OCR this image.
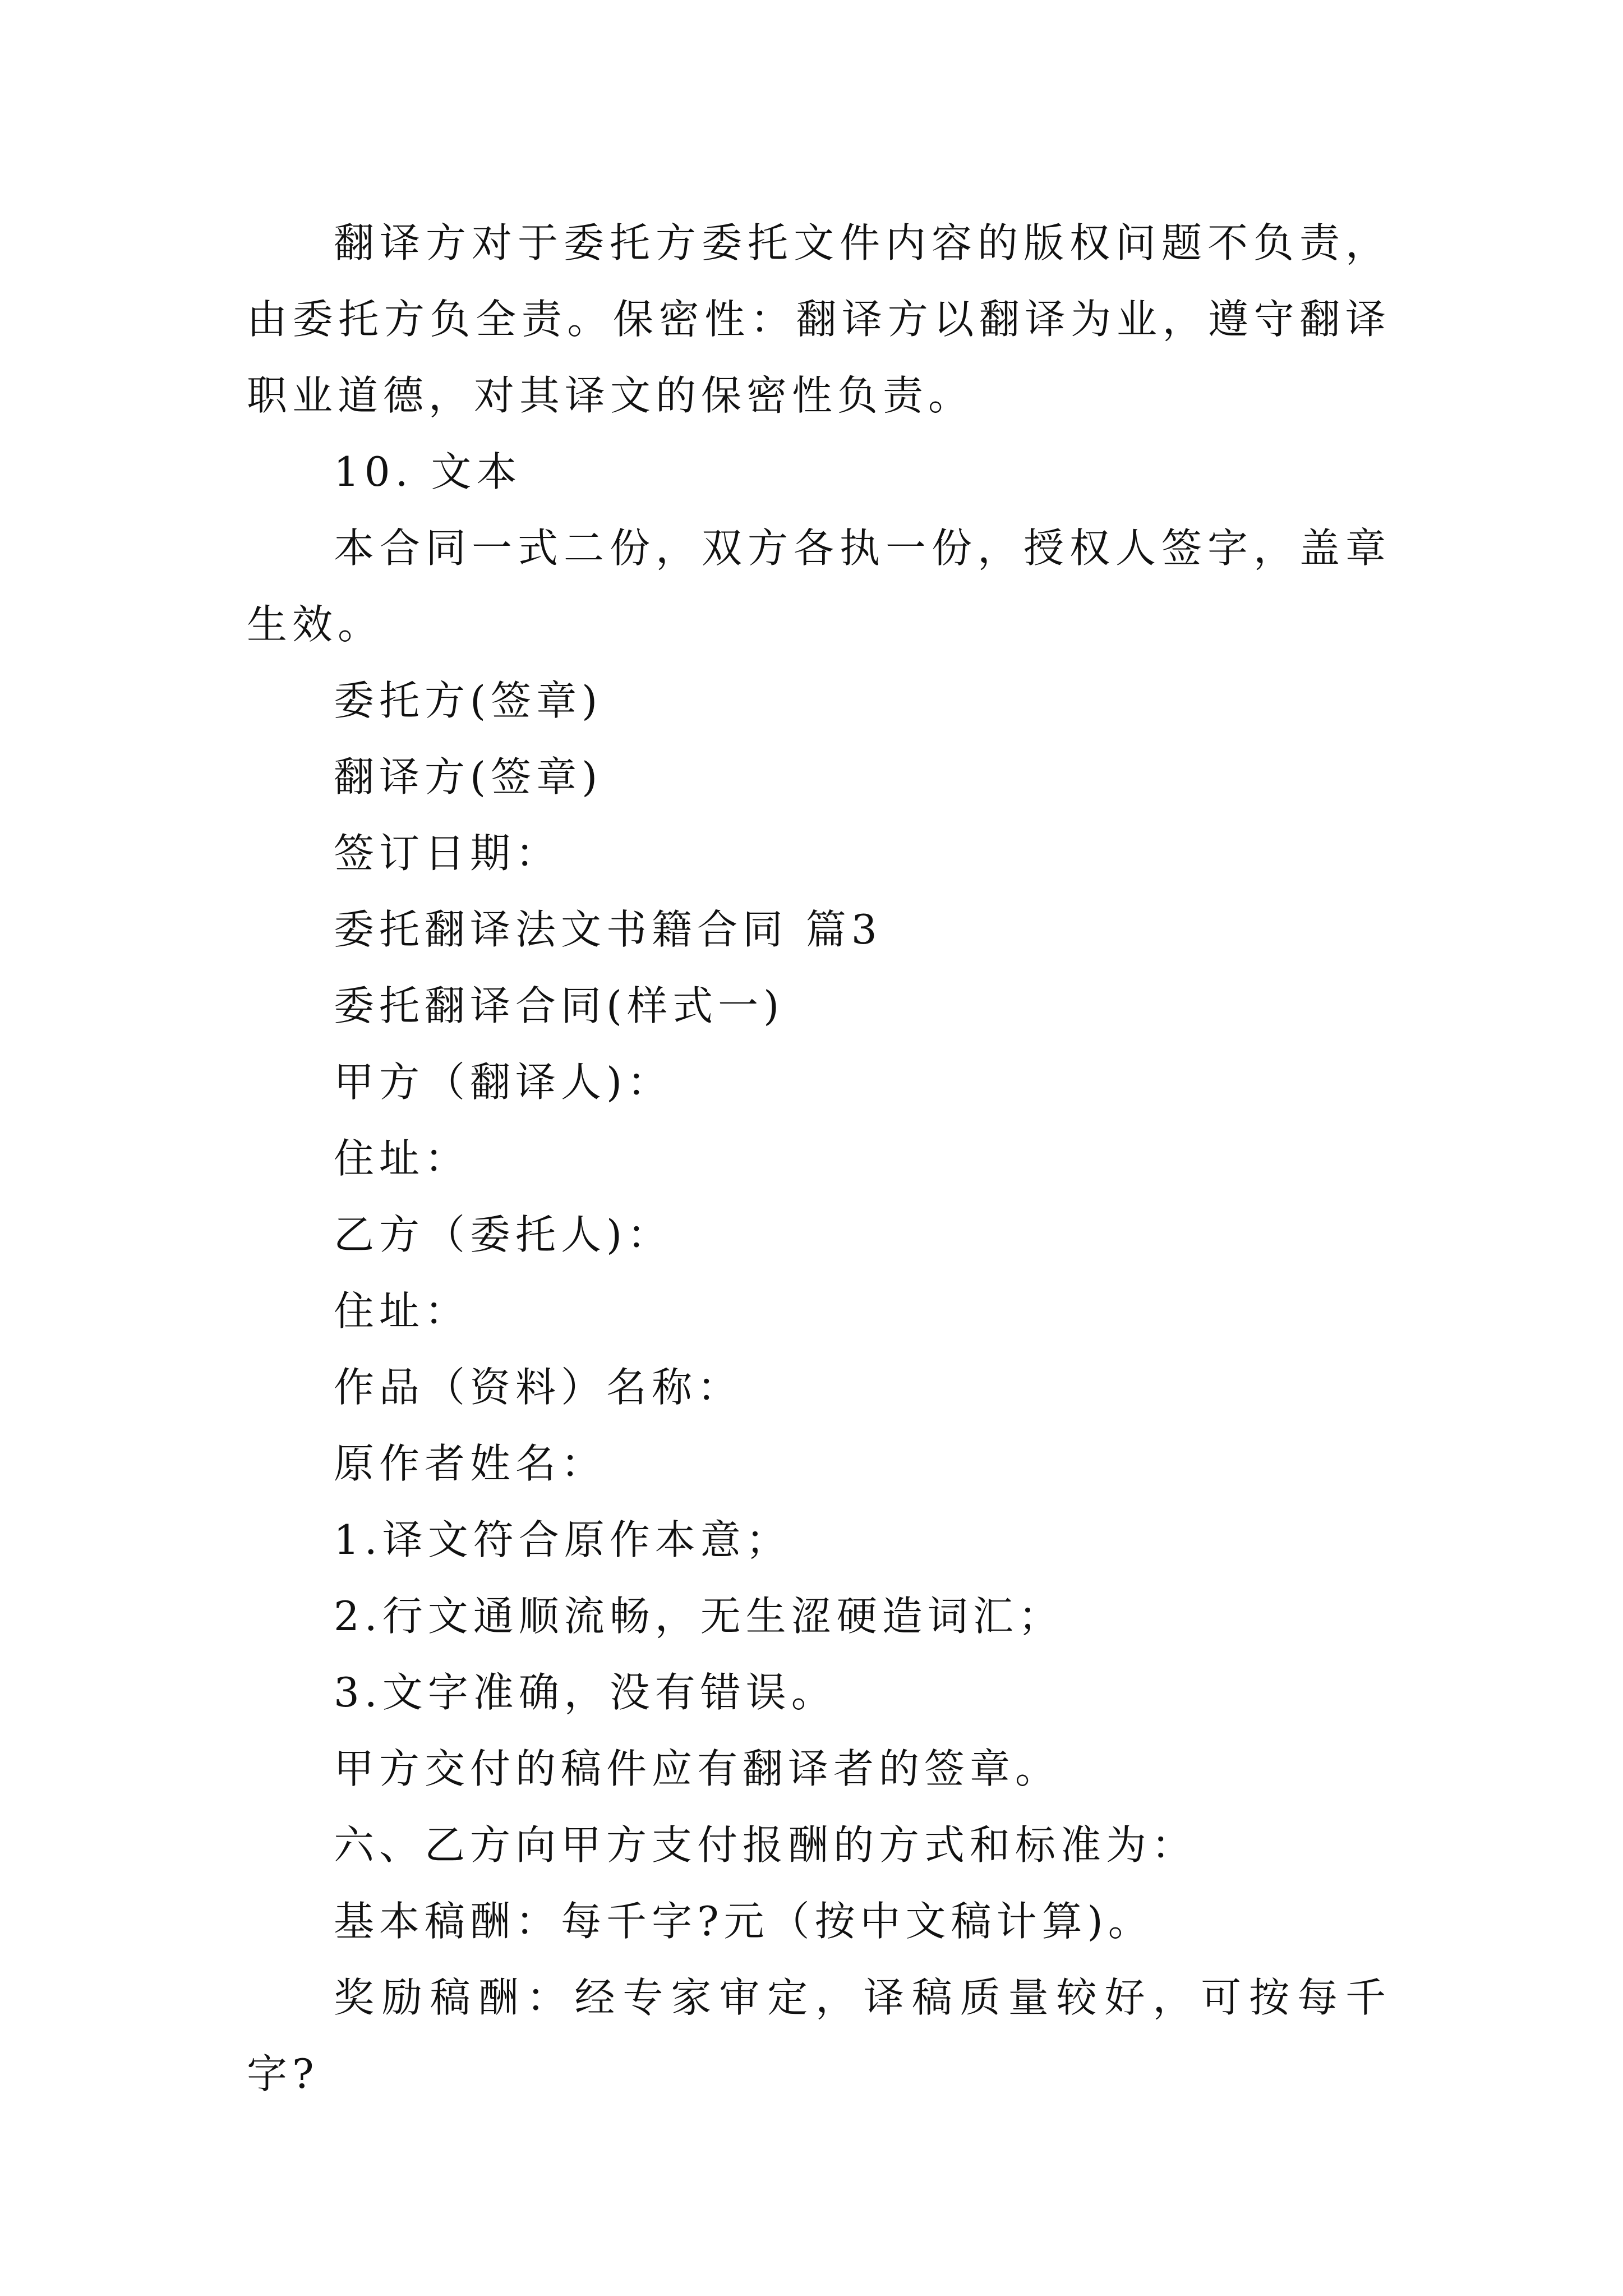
翻译方对于委托方委托文件内容的版权问题不负责，由委托方负全责。保密性：翻译方以翻译为业，遵守翻译职业道德，对其译文的保密性负责。

10. 文本

本合同一式二份，双方各执一份，授权人签字，盖章生效。

委托方(签章)

翻译方(签章)

签订日期：

委托翻译法文书籍合同 篇3

委托翻译合同(样式一)

甲方（翻译人)：

住址：

乙方（委托人)：

住址：

作品（资料）名称：

原作者姓名：

1.译文符合原作本意；

2.行文通顺流畅，无生涩硬造词汇；

3.文字准确，没有错误。

甲方交付的稿件应有翻译者的签章。

六、乙方向甲方支付报酬的方式和标准为：

基本稿酬：每千字?元（按中文稿计算)。

奖励稿酬：经专家审定，译稿质量较好，可按每千字?
